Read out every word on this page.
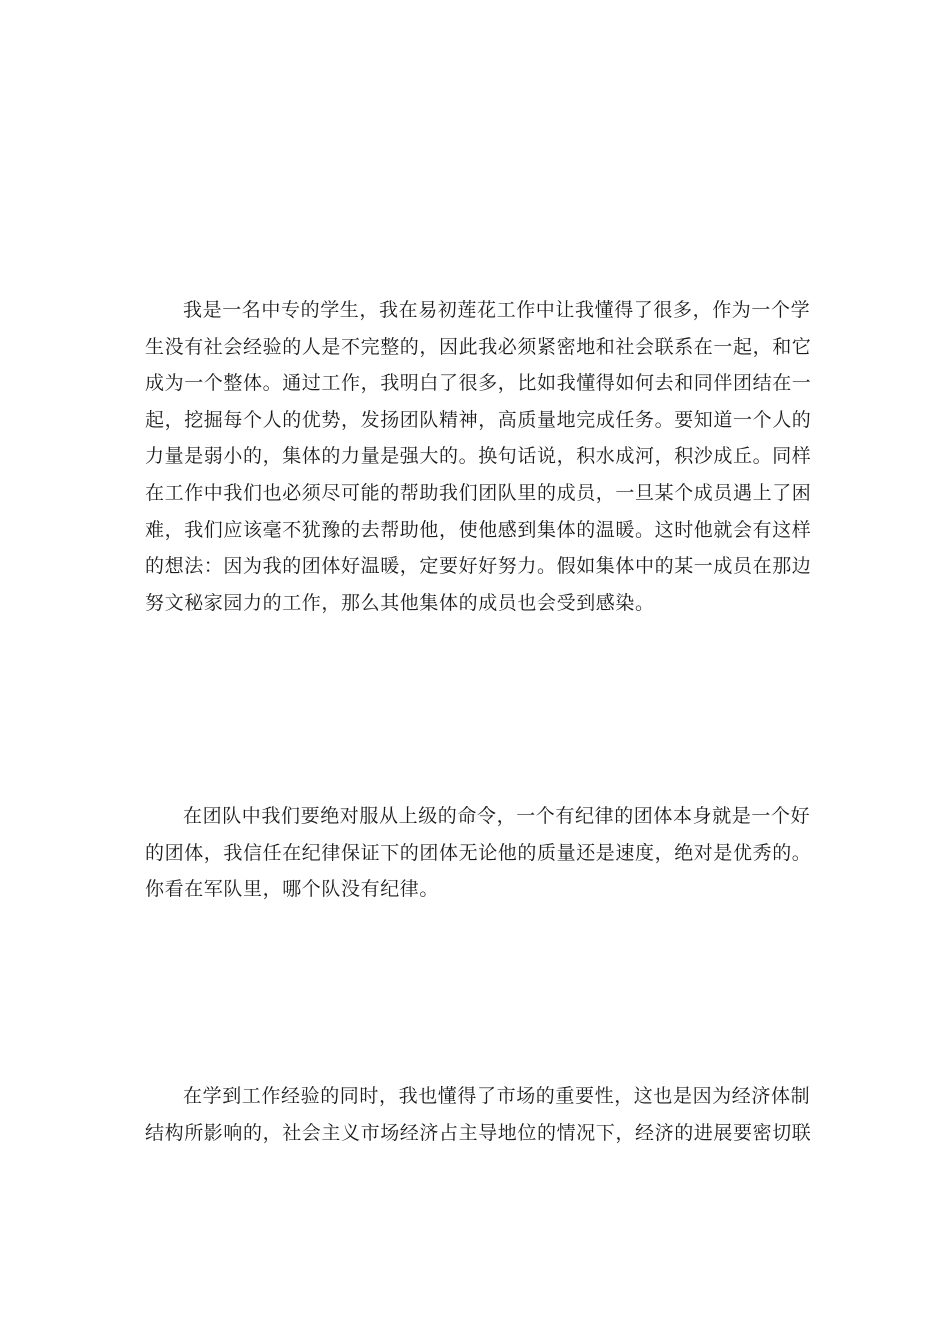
我是一名中专的学生，我在易初莲花工作中让我懂得了很多，作为一个学
生没有社会经验的人是不完整的，因此我必须紧密地和社会联系在一起，和它
成为一个整体。通过工作，我明白了很多，比如我懂得如何去和同伴团结在一
起，挖掘每个人的优势，发扬团队精神，高质量地完成任务。要知道一个人的
力量是弱小的，集体的力量是强大的。换句话说，积水成河，积沙成丘。同样
在工作中我们也必须尽可能的帮助我们团队里的成员，一旦某个成员遇上了困
难，我们应该毫不犹豫的去帮助他，使他感到集体的温暖。这时他就会有这样
的想法：因为我的团体好温暖，定要好好努力。假如集体中的某一成员在那边
努文秘家园力的工作，那么其他集体的成员也会受到感染。
在团队中我们要绝对服从上级的命令，一个有纪律的团体本身就是一个好
的团体，我信任在纪律保证下的团体无论他的质量还是速度，绝对是优秀的。
你看在军队里，哪个队没有纪律。
在学到工作经验的同时，我也懂得了市场的重要性，这也是因为经济体制
结构所影响的，社会主义市场经济占主导地位的情况下，经济的进展要密切联
